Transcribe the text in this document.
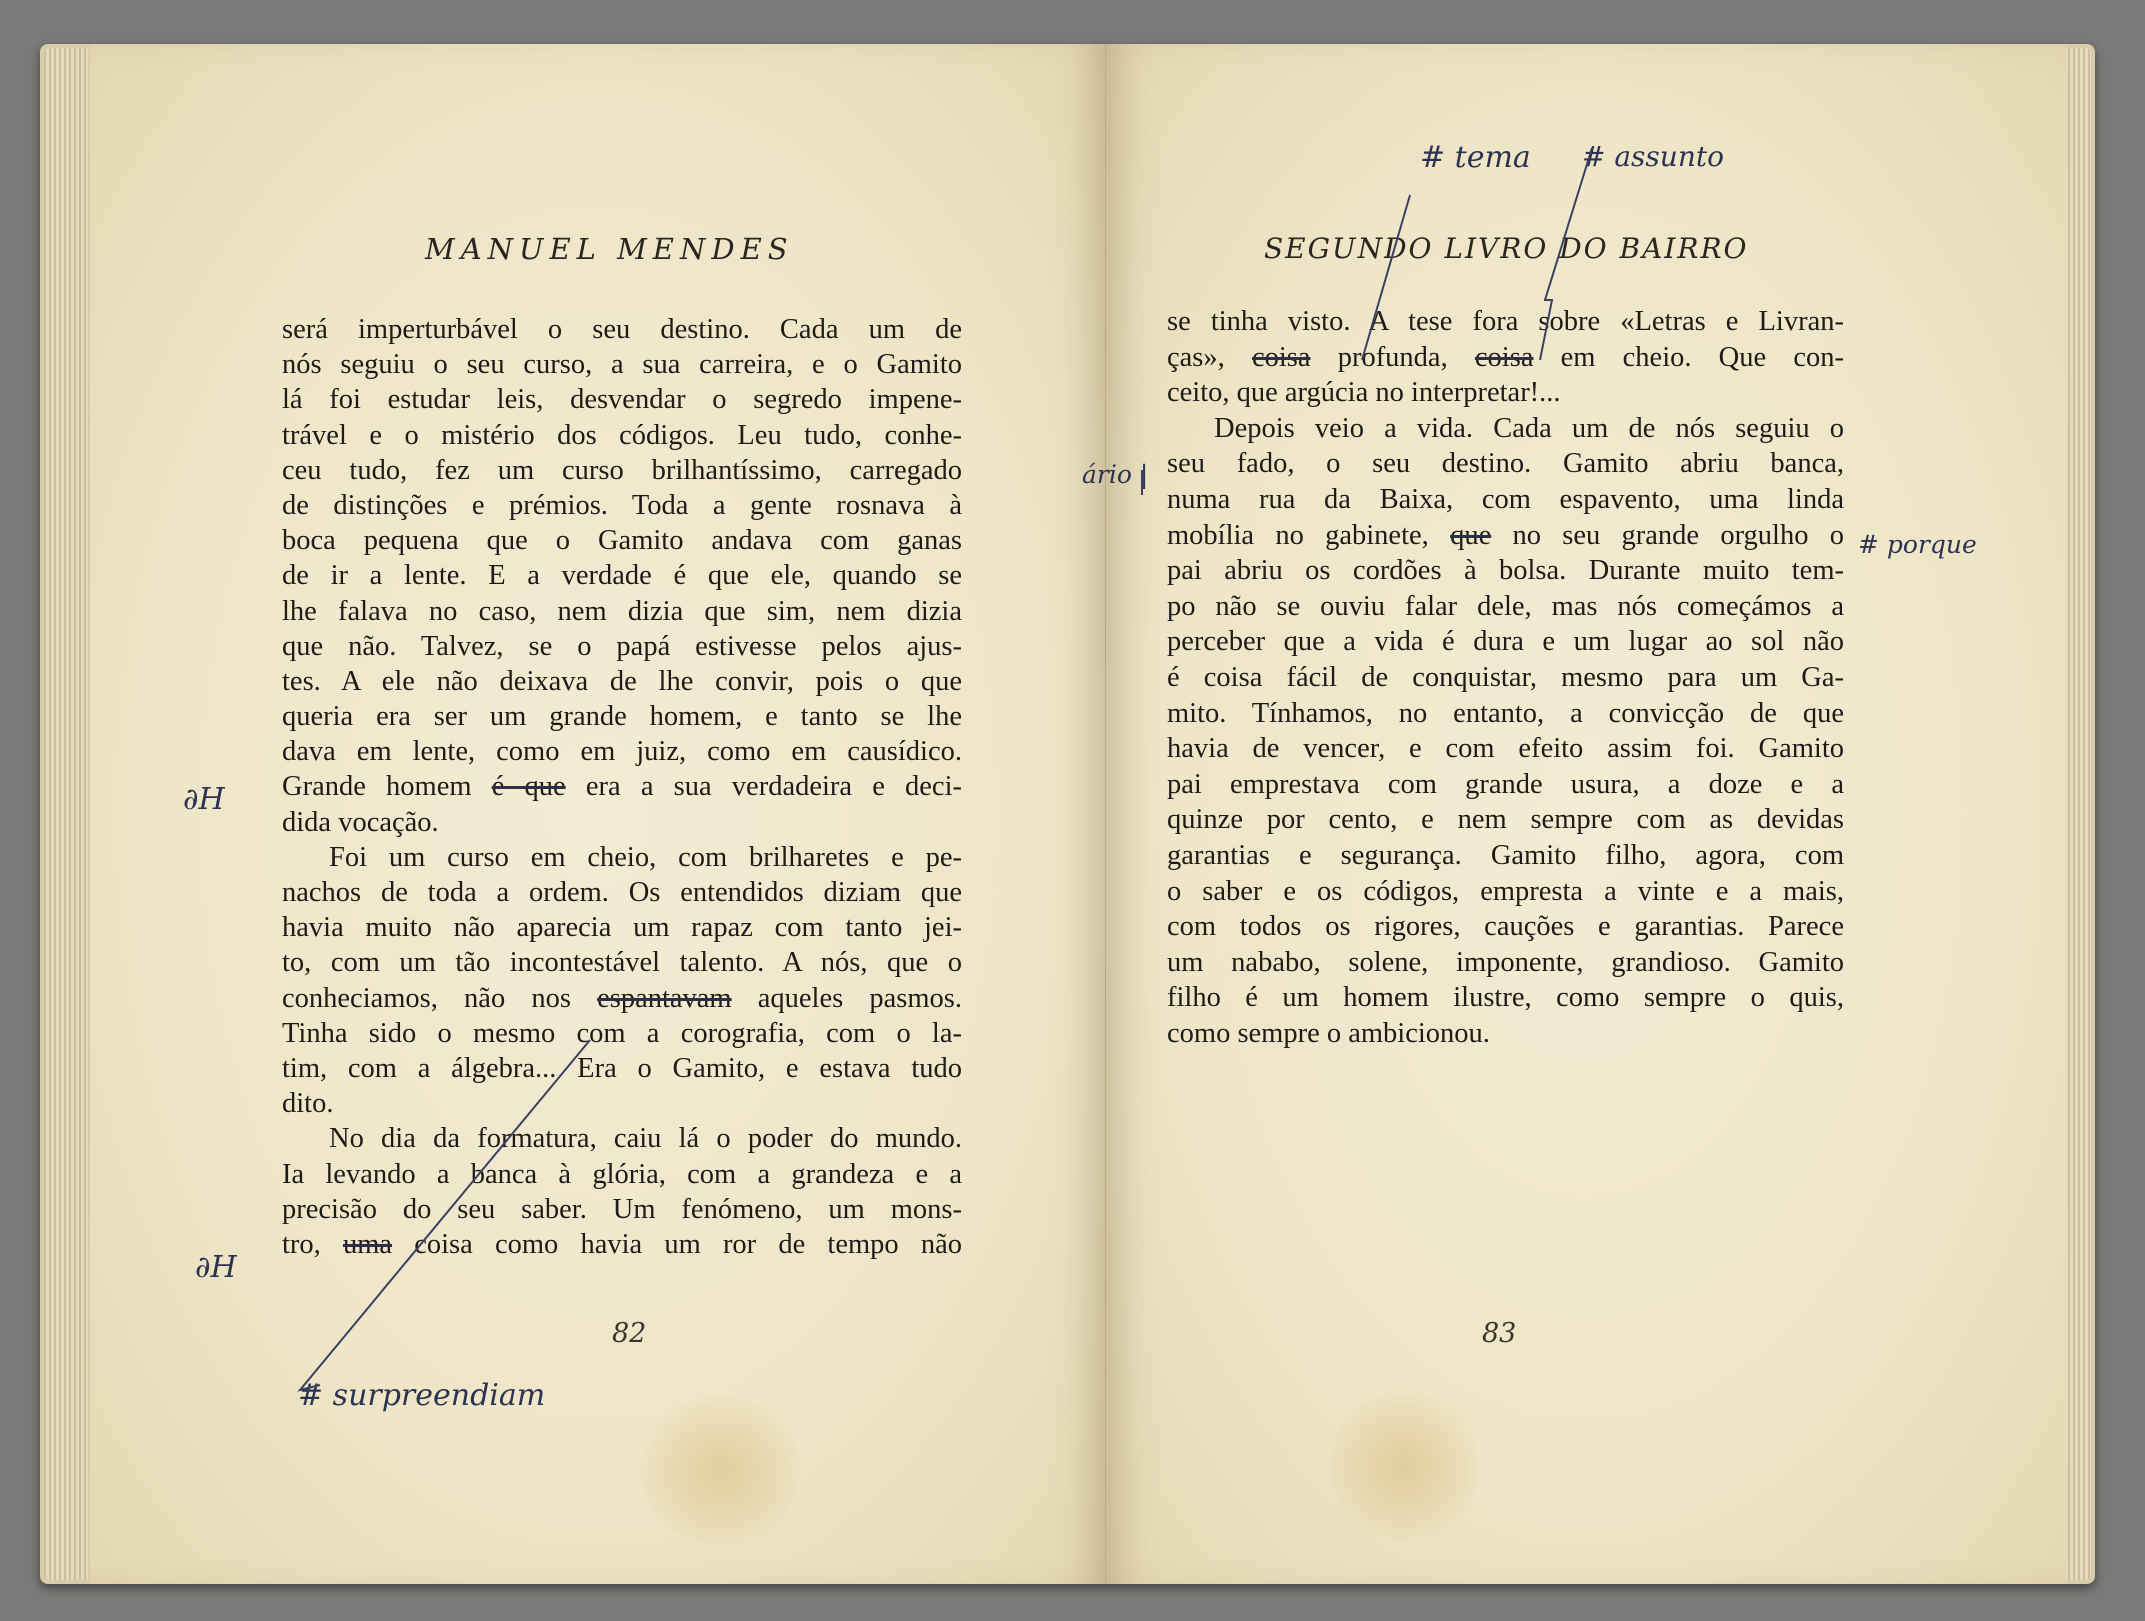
MANUEL MENDES	SEGUNDO LIVRO DO BAIRRO
será imperturbável o seu destino. Cada um de
nós seguiu o seu curso, a sua carreira, e o Gamito
lá foi estudar leis, desvendar o segredo impene-
trável e o mistério dos códigos. Leu tudo, conhe-
ceu tudo, fez um curso brilhantíssimo, carregado
de distinções e prémios. Toda a gente rosnava à
boca pequena que o Gamito andava com ganas
de ir a lente. E a verdade é que ele, quando se
lhe falava no caso, nem dizia que sim, nem dizia
que não. Talvez, se o papá estivesse pelos ajus-
tes. A ele não deixava de lhe convir, pois o que
queria era ser um grande homem, e tanto se lhe
dava em lente, como em juiz, como em causídico.
Grande homem é que era a sua verdadeira e deci-
dida vocação.
Foi um curso em cheio, com brilharetes e pe-
nachos de toda a ordem. Os entendidos diziam que
havia muito não aparecia um rapaz com tanto jei-
to, com um tão incontestável talento. A nós, que o
conheciamos, não nos espantavam aqueles pasmos.
Tinha sido o mesmo com a corografia, com o la-
tim, com a álgebra... Era o Gamito, e estava tudo
dito.
No dia da formatura, caiu lá o poder do mundo.
Ia levando a banca à glória, com a grandeza e a
precisão do seu saber. Um fenómeno, um mons-
tro, uma coisa como havia um ror de tempo não
se tinha visto. A tese fora sobre «Letras e Livran-
ças», coisa profunda, coisa em cheio. Que con-
ceito, que argúcia no interpretar!...
Depois veio a vida. Cada um de nós seguiu o
seu fado, o seu destino. Gamito abriu banca,
numa rua da Baixa, com espavento, uma linda
mobília no gabinete, que no seu grande orgulho o
pai abriu os cordões à bolsa. Durante muito tem-
po não se ouviu falar dele, mas nós começámos a
perceber que a vida é dura e um lugar ao sol não
é coisa fácil de conquistar, mesmo para um Ga-
mito. Tínhamos, no entanto, a convicção de que
havia de vencer, e com efeito assim foi. Gamito
pai emprestava com grande usura, a doze e a
quinze por cento, e nem sempre com as devidas
garantias e segurança. Gamito filho, agora, com
o saber e os códigos, empresta a vinte e a mais,
com todos os rigores, cauções e garantias. Parece
um nababo, solene, imponente, grandioso. Gamito
filho é um homem ilustre, como sempre o quis,
como sempre o ambicionou.
82	83
# tema # assunto
ário |
# porque
# surpreendiam
∂H
∂H
